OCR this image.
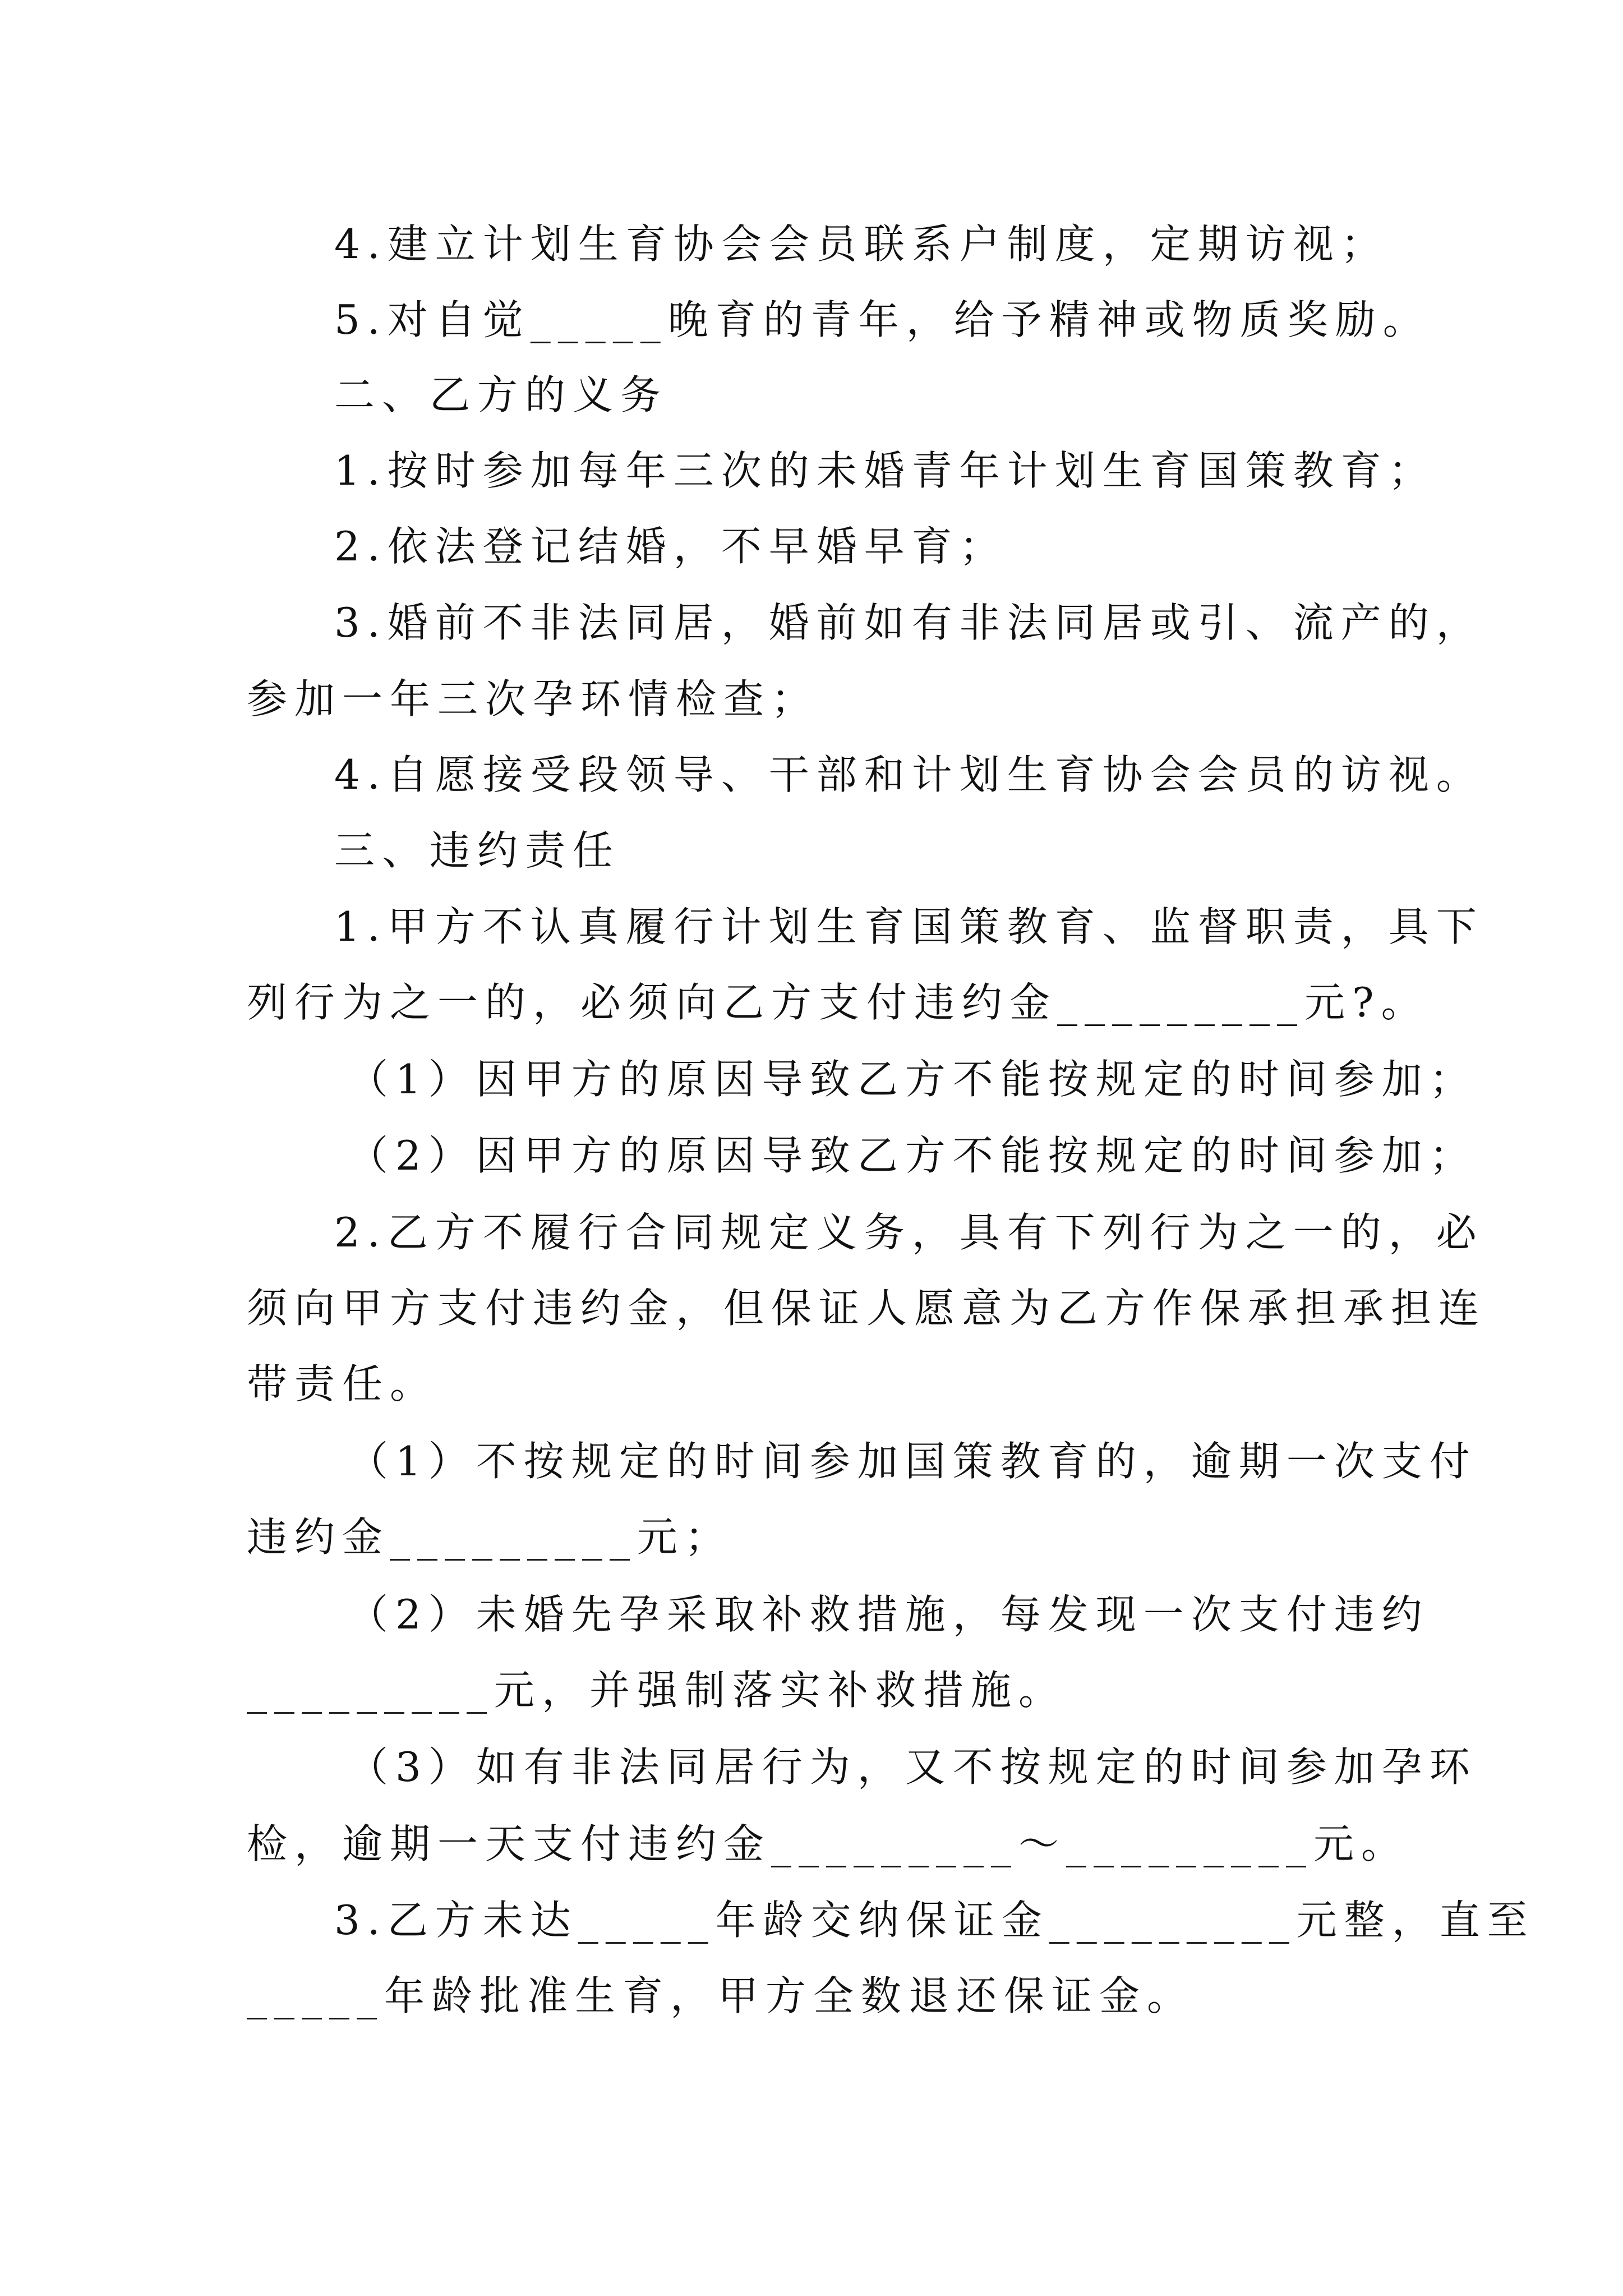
4.建立计划生育协会会员联系户制度，定期访视；
5.对自觉_____晚育的青年，给予精神或物质奖励。
二、乙方的义务
1.按时参加每年三次的未婚青年计划生育国策教育；
2.依法登记结婚，不早婚早育；
3.婚前不非法同居，婚前如有非法同居或引、流产的，
参加一年三次孕环情检查；
4.自愿接受段领导、干部和计划生育协会会员的访视。
三、违约责任
1.甲方不认真履行计划生育国策教育、监督职责，具下
列行为之一的，必须向乙方支付违约金_________元?。
（1）因甲方的原因导致乙方不能按规定的时间参加；
（2）因甲方的原因导致乙方不能按规定的时间参加；
2.乙方不履行合同规定义务，具有下列行为之一的，必
须向甲方支付违约金，但保证人愿意为乙方作保承担承担连
带责任。
（1）不按规定的时间参加国策教育的，逾期一次支付
违约金_________元；
（2）未婚先孕采取补救措施，每发现一次支付违约
_________元，并强制落实补救措施。
（3）如有非法同居行为，又不按规定的时间参加孕环
检，逾期一天支付违约金_________～_________元。
3.乙方未达_____年龄交纳保证金_________元整，直至
_____年龄批准生育，甲方全数退还保证金。
